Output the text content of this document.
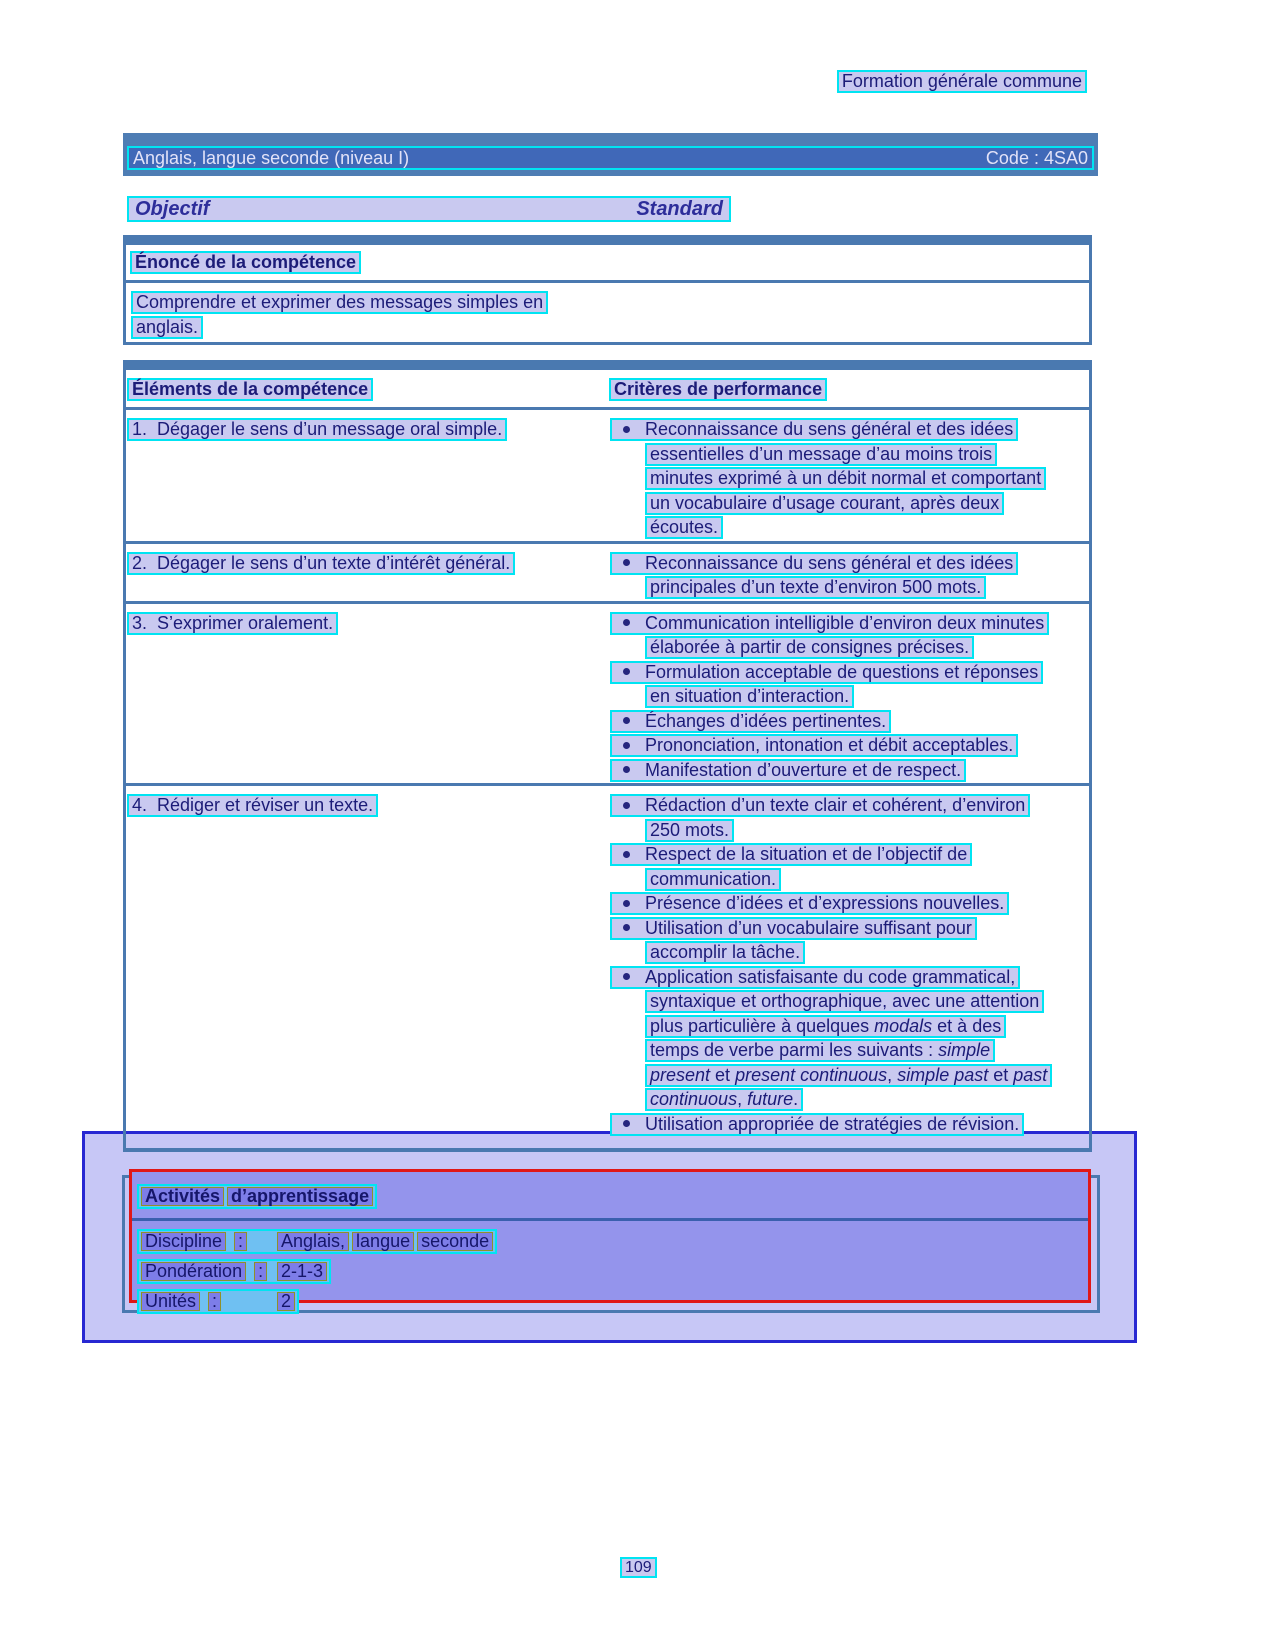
Formation générale commune
Anglais, langue seconde (niveau I)	Code : 4SA0
Objectif	Standard
Énoncé de la compétence
Comprendre et exprimer des messages simples en
anglais.
Éléments de la compétence	Critères de performance
1.  Dégager le sens d’un message oral simple.	Reconnaissance du sens général et des idées
essentielles d’un message d’au moins trois
minutes exprimé à un débit normal et comportant
un vocabulaire d’usage courant, après deux
écoutes.
2.  Dégager le sens d’un texte d’intérêt général.	Reconnaissance du sens général et des idées
principales d’un texte d’environ 500 mots.
3.  S’exprimer oralement.	Communication intelligible d’environ deux minutes
élaborée à partir de consignes précises.
Formulation acceptable de questions et réponses
en situation d’interaction.
Échanges d’idées pertinentes.
Prononciation, intonation et débit acceptables.
Manifestation d’ouverture et de respect.
4.  Rédiger et réviser un texte.	Rédaction d’un texte clair et cohérent, d’environ
250 mots.
Respect de la situation et de l’objectif de
communication.
Présence d’idées et d’expressions nouvelles.
Utilisation d’un vocabulaire suffisant pour
accomplir la tâche.
Application satisfaisante du code grammatical,
syntaxique et orthographique, avec une attention
plus particulière à quelques modals et à des
temps de verbe parmi les suivants : simple
present et present continuous, simple past et past
continuous, future.
Utilisation appropriée de stratégies de révision.
Activités d’apprentissage
Discipline : Anglais, langue seconde
Pondération : 2-1-3
Unités :	2
109
